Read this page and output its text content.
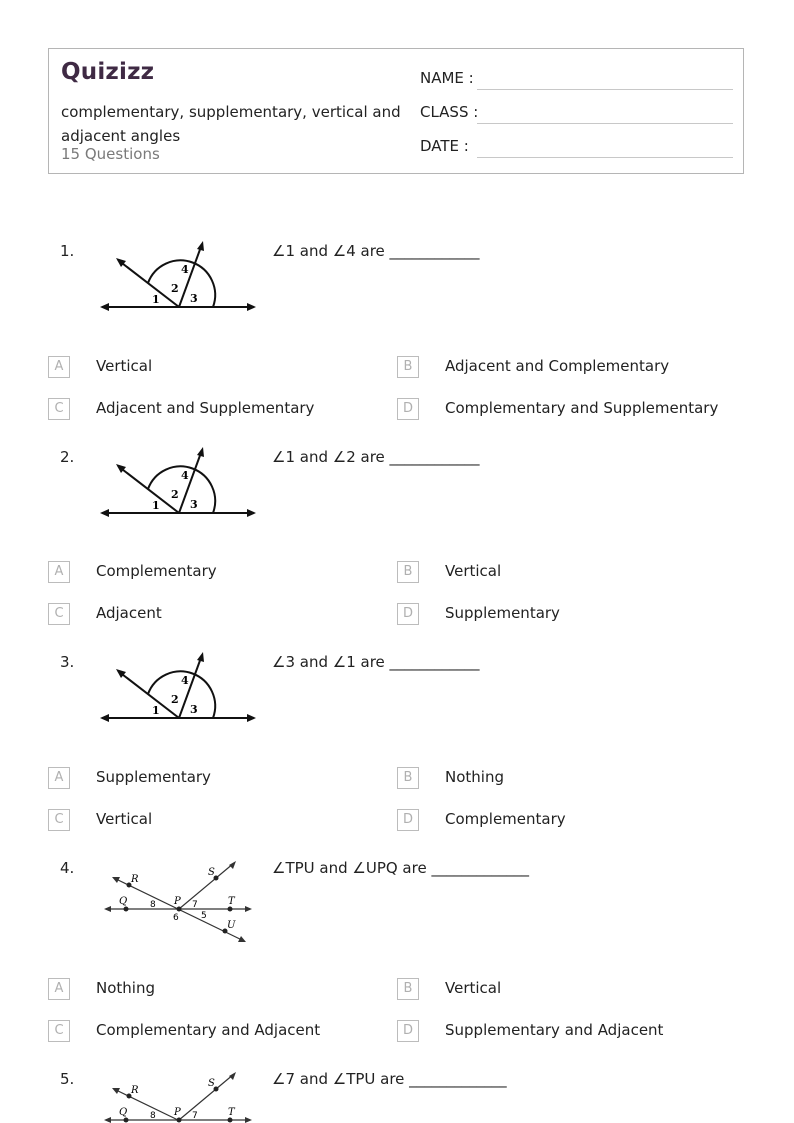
Quizizz
complementary, supplementary, vertical and adjacent angles
15 Questions
NAME :
CLASS :
DATE :
1.
1
2
3
4
∠1 and ∠4 are ____________
A	Vertical	B	Adjacent and Complementary
C	Adjacent and Supplementary	D	Complementary and Supplementary
2.
1
2
3
4
∠1 and ∠2 are ____________
A	Complementary	B	Vertical
C	Adjacent	D	Supplementary
3.
1
2
3
4
∠3 and ∠1 are ____________
A	Supplementary	B	Nothing
C	Vertical	D	Complementary
4.
R
S
Q	8 P 7	T
6 5
U
∠TPU and ∠UPQ are _____________
A	Nothing	B	Vertical
C	Complementary and Adjacent	D	Supplementary and Adjacent
5.
R
S
Q	8 P 7	T
∠7 and ∠TPU are _____________
